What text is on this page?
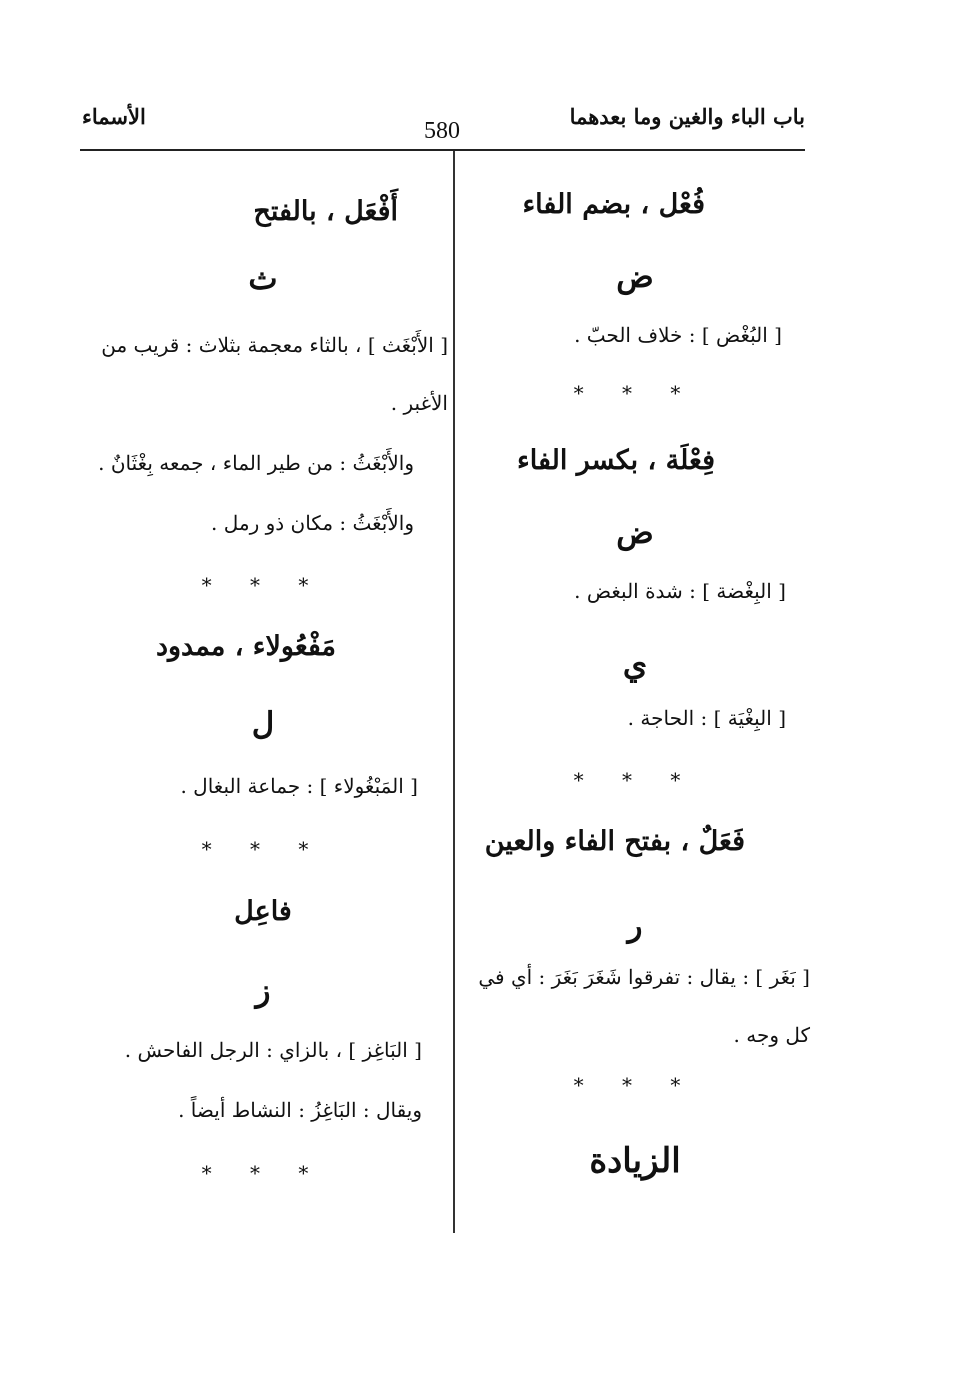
باب الباء والغين وما بعدهما
580
الأسماء
فُعْل ، بضم الفاء
ض
[ البُغْض ] : خلاف الحبّ .
* * *
فِعْلَة ، بكسر الفاء
ض
[ البِغْضة ] : شدة البغض .
ي
[ البِغْيَة ] : الحاجة .
* * *
فَعَلٌ ، بفتح الفاء والعين
ر
[ بَغَر ] : يقال : تفرقوا شَغَرَ بَغَرَ : أي في كل وجه .
* * *
الزيادة
أَفْعَل ، بالفتح
ث
[ الأَبْغَث ] ، بالثاء معجمة بثلاث : قريب من الأغبر .
والأَبْغَثُ : من طير الماء ، جمعه بِغْثَانٌ .
والأَبْغَثُ : مكان ذو رمل .
* * *
مَفْعُولاء ، ممدود
ل
[ المَبْغُولاء ] : جماعة البغال .
* * *
فاعِل
ز
[ البَاغِز ] ، بالزاي : الرجل الفاحش .
ويقال : البَاغِزُ : النشاط أيضاً .
* * *
